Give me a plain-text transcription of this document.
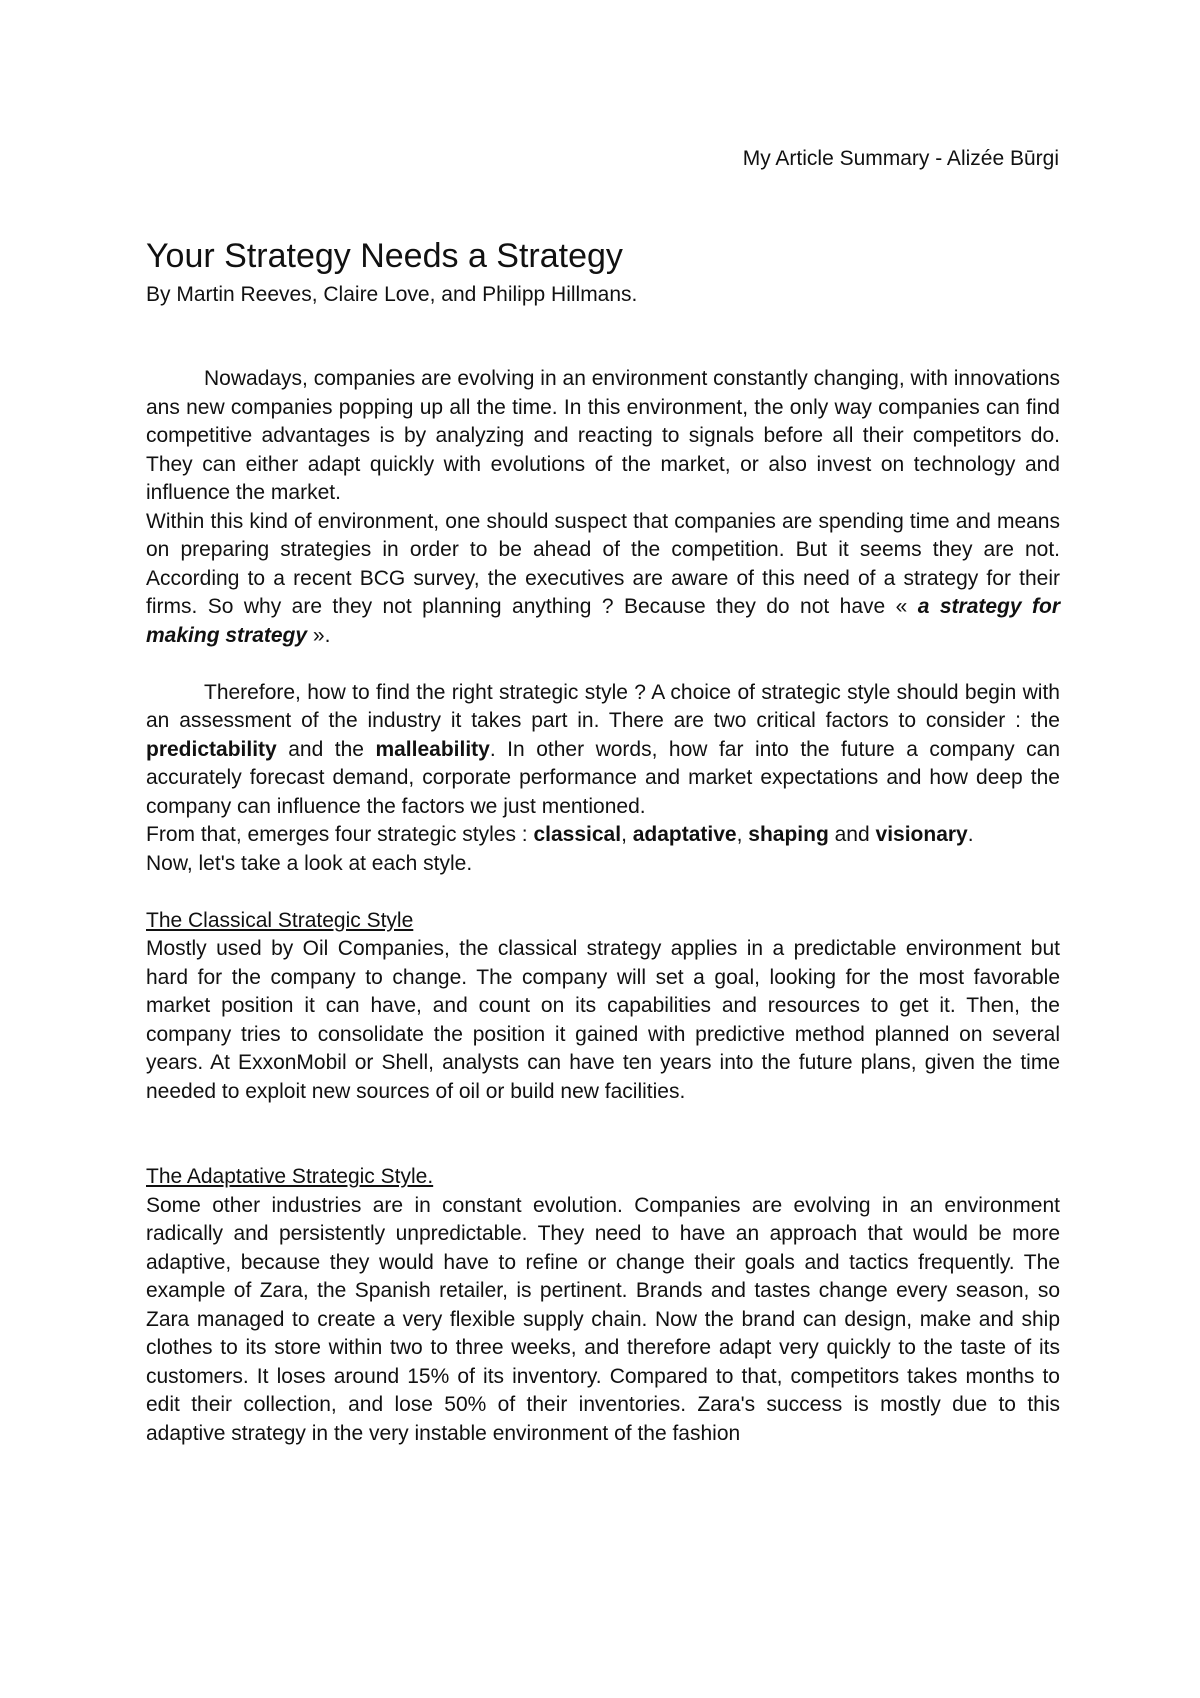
My Article Summary - Alizée Būrgi
Your Strategy Needs a Strategy
By Martin Reeves, Claire Love, and Philipp Hillmans.

Nowadays, companies are evolving in an environment constantly changing, with innovations ans new companies popping up all the time. In this environment, the only way companies can find competitive advantages is by analyzing and reacting to signals before all their competitors do. They can either adapt quickly with evolutions of the market, or also invest on technology and influence the market.

Within this kind of environment, one should suspect that companies are spending time and means on preparing strategies in order to be ahead of the competition. But it seems they are not. According to a recent BCG survey, the executives are aware of this need of a strategy for their firms. So why are they not planning anything ? Because they do not have « a strategy for making strategy ».

Therefore, how to find the right strategic style ? A choice of strategic style should begin with an assessment of the industry it takes part in. There are two critical factors to consider : the predictability and the malleability. In other words, how far into the future a company can accurately forecast demand, corporate performance and market expectations and how deep the company can influence the factors we just mentioned.

From that, emerges four strategic styles : classical, adaptative, shaping and visionary.

Now, let's take a look at each style.

The Classical Strategic Style

Mostly used by Oil Companies, the classical strategy applies in a predictable environment but hard for the company to change. The company will set a goal, looking for the most favorable market position it can have, and count on its capabilities and resources to get it. Then, the company tries to consolidate the position it gained with predictive method planned on several years. At ExxonMobil or Shell, analysts can have ten years into the future plans, given the time needed to exploit new sources of oil or build new facilities.

The Adaptative Strategic Style.

Some other industries are in constant evolution. Companies are evolving in an environment radically and persistently unpredictable. They need to have an approach that would be more adaptive, because they would have to refine or change their goals and tactics frequently. The example of Zara, the Spanish retailer, is pertinent. Brands and tastes change every season, so Zara managed to create a very flexible supply chain. Now the brand can design, make and ship clothes to its store within two to three weeks, and therefore adapt very quickly to the taste of its customers. It loses around 15% of its inventory. Compared to that, competitors takes months to edit their collection, and lose 50% of their inventories. Zara's success is mostly due to this adaptive strategy in the very instable environment of the fashion
